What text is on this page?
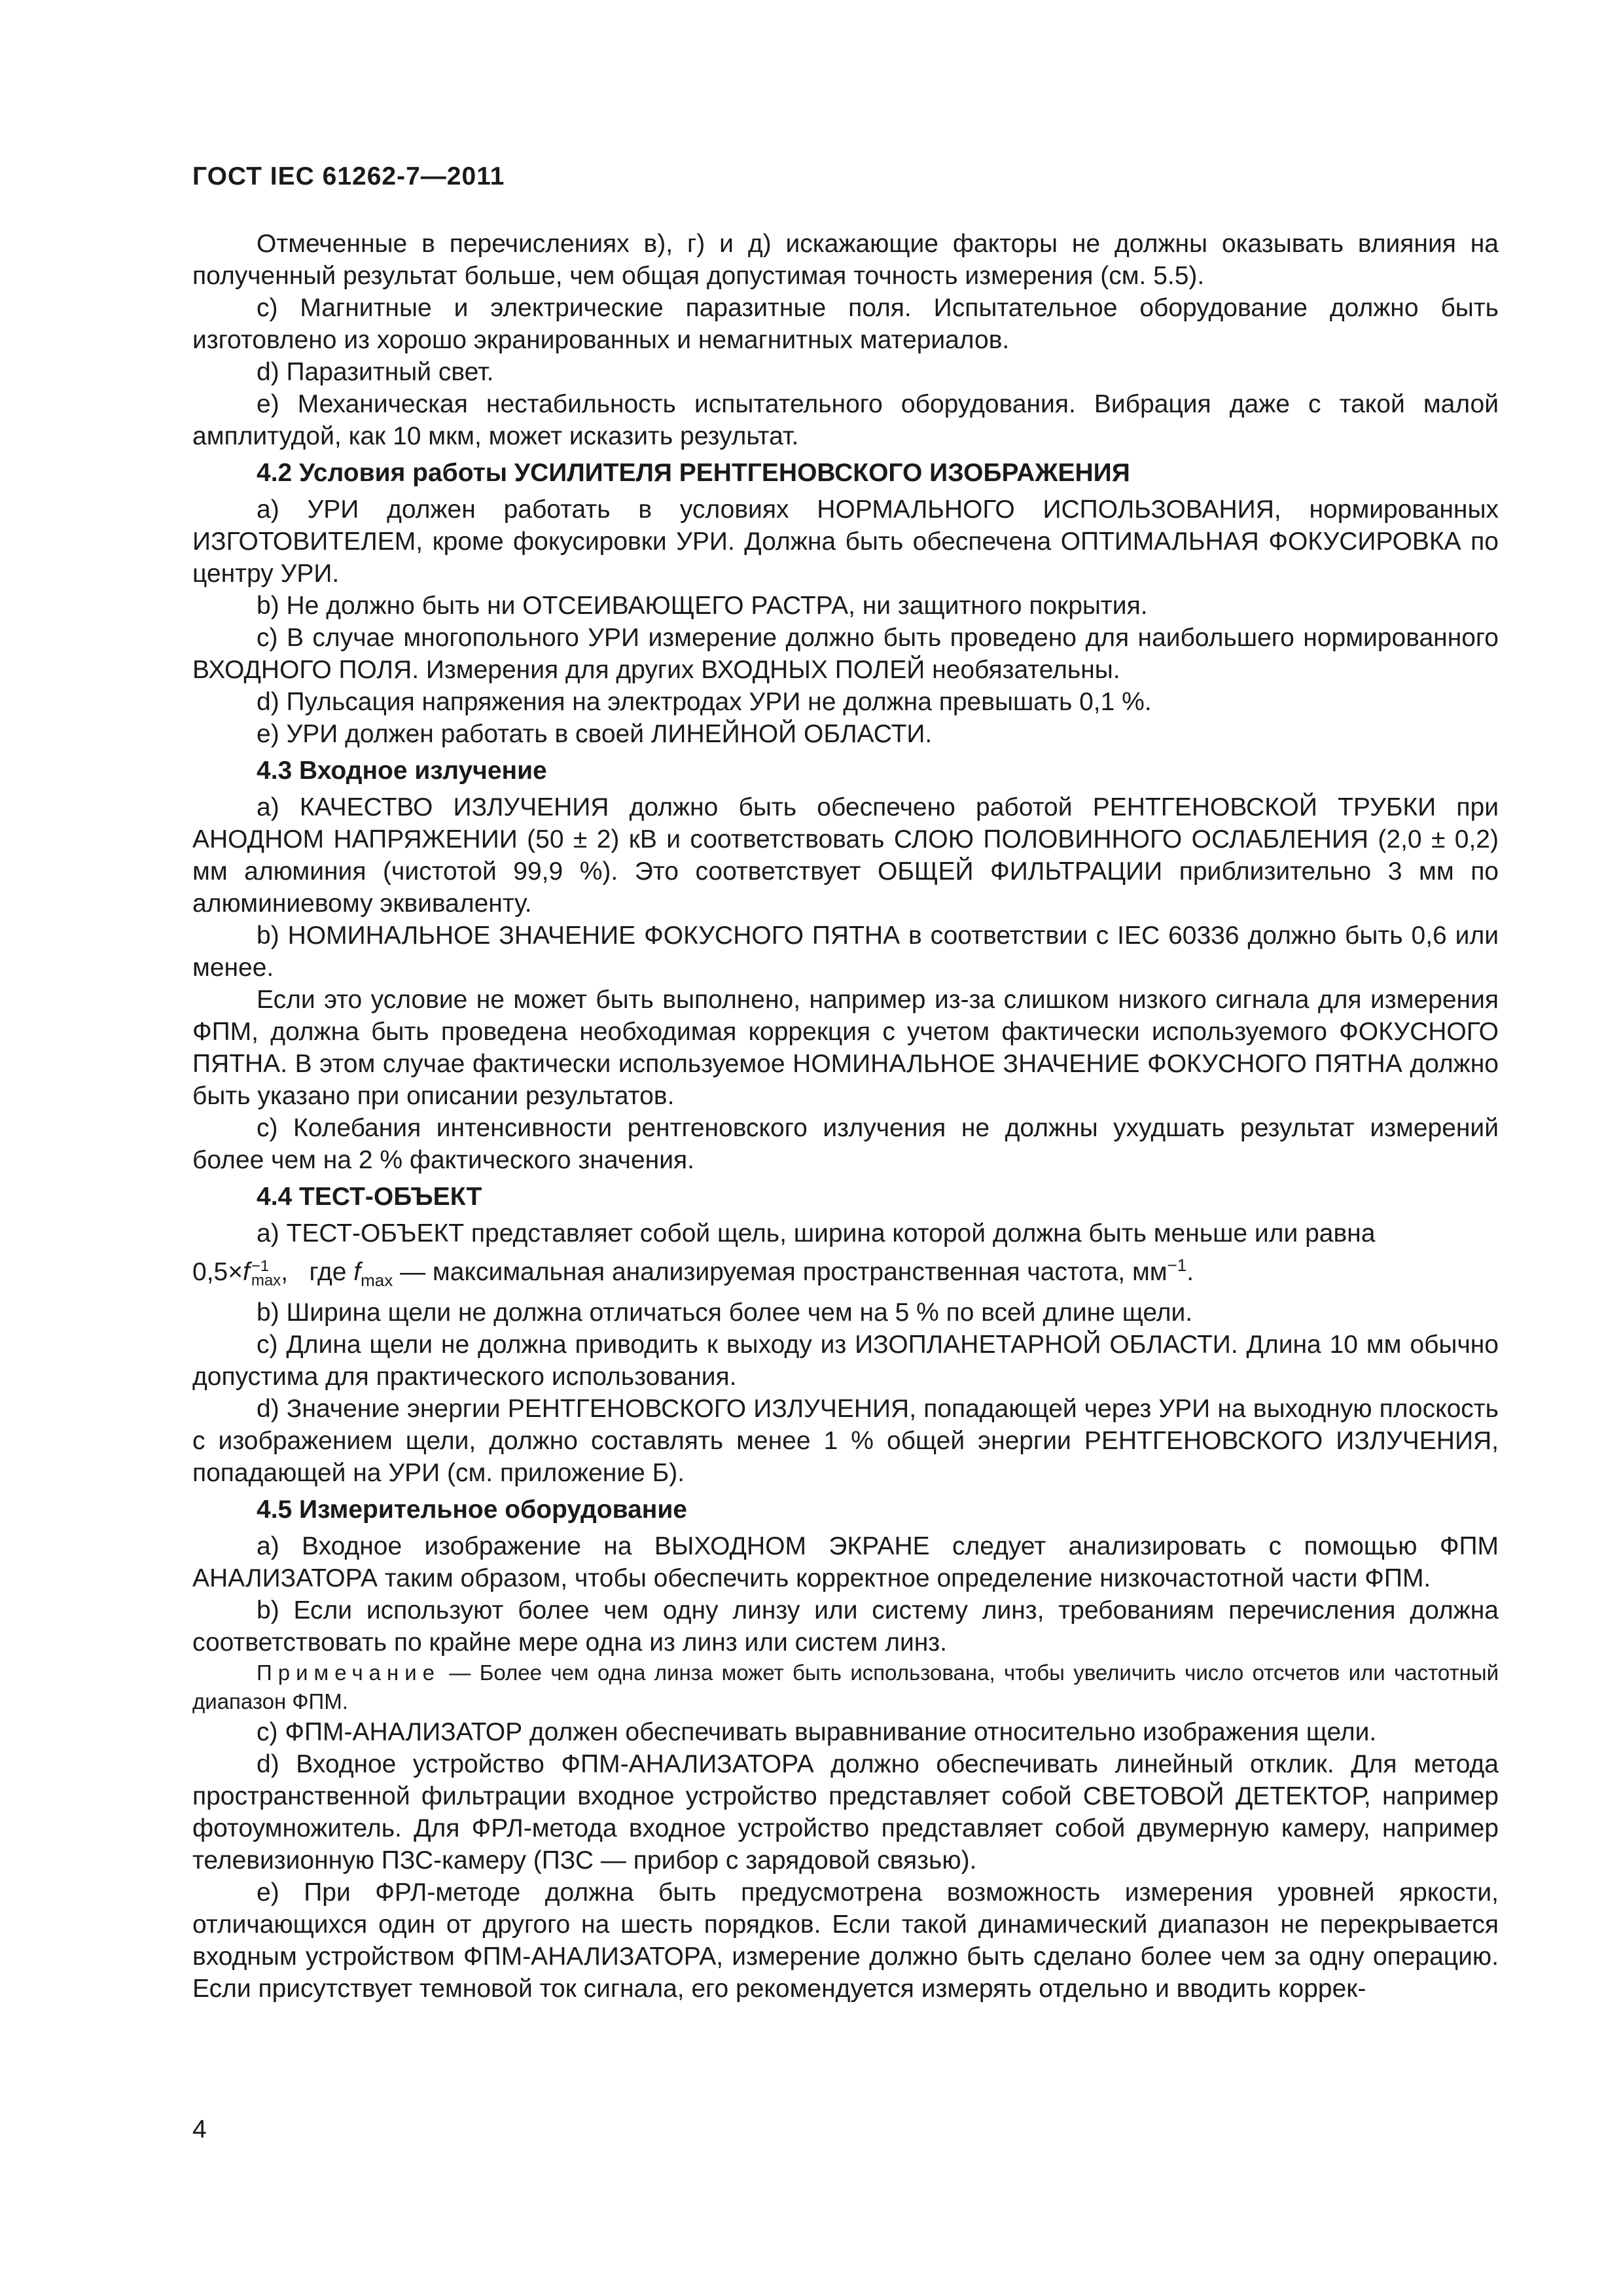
ГОСТ IEC 61262-7—2011

Отмеченные в перечислениях в), г) и д) искажающие факторы не должны оказывать влияния на полученный результат больше, чем общая допустимая точность измерения (см. 5.5).

c) Магнитные и электрические паразитные поля. Испытательное оборудование должно быть изготовлено из хорошо экранированных и немагнитных материалов.

d) Паразитный свет.

e) Механическая нестабильность испытательного оборудования. Вибрация даже с такой малой амплитудой, как 10 мкм, может исказить результат.

4.2 Условия работы УСИЛИТЕЛЯ РЕНТГЕНОВСКОГО ИЗОБРАЖЕНИЯ

a) УРИ должен работать в условиях НОРМАЛЬНОГО ИСПОЛЬЗОВАНИЯ, нормированных ИЗГОТОВИТЕЛЕМ, кроме фокусировки УРИ. Должна быть обеспечена ОПТИМАЛЬНАЯ ФОКУСИРОВКА по центру УРИ.

b) Не должно быть ни ОТСЕИВАЮЩЕГО РАСТРА, ни защитного покрытия.

c) В случае многопольного УРИ измерение должно быть проведено для наибольшего нормированного ВХОДНОГО ПОЛЯ. Измерения для других ВХОДНЫХ ПОЛЕЙ необязательны.

d) Пульсация напряжения на электродах УРИ не должна превышать 0,1 %.

e) УРИ должен работать в своей ЛИНЕЙНОЙ ОБЛАСТИ.

4.3 Входное излучение

a) КАЧЕСТВО ИЗЛУЧЕНИЯ должно быть обеспечено работой РЕНТГЕНОВСКОЙ ТРУБКИ при АНОДНОМ НАПРЯЖЕНИИ (50 ± 2) кВ и соответствовать СЛОЮ ПОЛОВИННОГО ОСЛАБЛЕНИЯ (2,0 ± 0,2) мм алюминия (чистотой 99,9 %). Это соответствует ОБЩЕЙ ФИЛЬТРАЦИИ приблизительно 3 мм по алюминиевому эквиваленту.

b) НОМИНАЛЬНОЕ ЗНАЧЕНИЕ ФОКУСНОГО ПЯТНА в соответствии с IEC 60336 должно быть 0,6 или менее.

Если это условие не может быть выполнено, например из-за слишком низкого сигнала для измерения ФПМ, должна быть проведена необходимая коррекция с учетом фактически используемого ФОКУСНОГО ПЯТНА. В этом случае фактически используемое НОМИНАЛЬНОЕ ЗНАЧЕНИЕ ФОКУСНОГО ПЯТНА должно быть указано при описании результатов.

c) Колебания интенсивности рентгеновского излучения не должны ухудшать результат измерений более чем на 2 % фактического значения.

4.4 ТЕСТ-ОБЪЕКТ

a) ТЕСТ-ОБЪЕКТ представляет собой щель, ширина которой должна быть меньше или равна

0,5×f −1
max ,   где $f_{max}$ — максимальная анализируемая пространственная частота, $мм^{-1}$.

b) Ширина щели не должна отличаться более чем на 5 % по всей длине щели.

c) Длина щели не должна приводить к выходу из ИЗОПЛАНЕТАРНОЙ ОБЛАСТИ. Длина 10 мм обычно допустима для практического использования.

d) Значение энергии РЕНТГЕНОВСКОГО ИЗЛУЧЕНИЯ, попадающей через УРИ на выходную плоскость с изображением щели, должно составлять менее 1 % общей энергии РЕНТГЕНОВСКОГО ИЗЛУЧЕНИЯ, попадающей на УРИ (см. приложение Б).

4.5 Измерительное оборудование

a) Входное изображение на ВЫХОДНОМ ЭКРАНЕ следует анализировать с помощью ФПМ АНАЛИЗАТОРА таким образом, чтобы обеспечить корректное определение низкочастотной части ФПМ.

b) Если используют более чем одну линзу или систему линз, требованиям перечисления должна соответствовать по крайне мере одна из линз или систем линз.

Примечание — Более чем одна линза может быть использована, чтобы увеличить число отсчетов или частотный диапазон ФПМ.

c) ФПМ-АНАЛИЗАТОР должен обеспечивать выравнивание относительно изображения щели.

d) Входное устройство ФПМ-АНАЛИЗАТОРА должно обеспечивать линейный отклик. Для метода пространственной фильтрации входное устройство представляет собой СВЕТОВОЙ ДЕТЕКТОР, например фотоумножитель. Для ФРЛ-метода входное устройство представляет собой двумерную камеру, например телевизионную ПЗС-камеру (ПЗС — прибор с зарядовой связью).

e) При ФРЛ-методе должна быть предусмотрена возможность измерения уровней яркости, отличающихся один от другого на шесть порядков. Если такой динамический диапазон не перекрывается входным устройством ФПМ-АНАЛИЗАТОРА, измерение должно быть сделано более чем за одну операцию. Если присутствует темновой ток сигнала, его рекомендуется измерять отдельно и вводить коррек-

4
